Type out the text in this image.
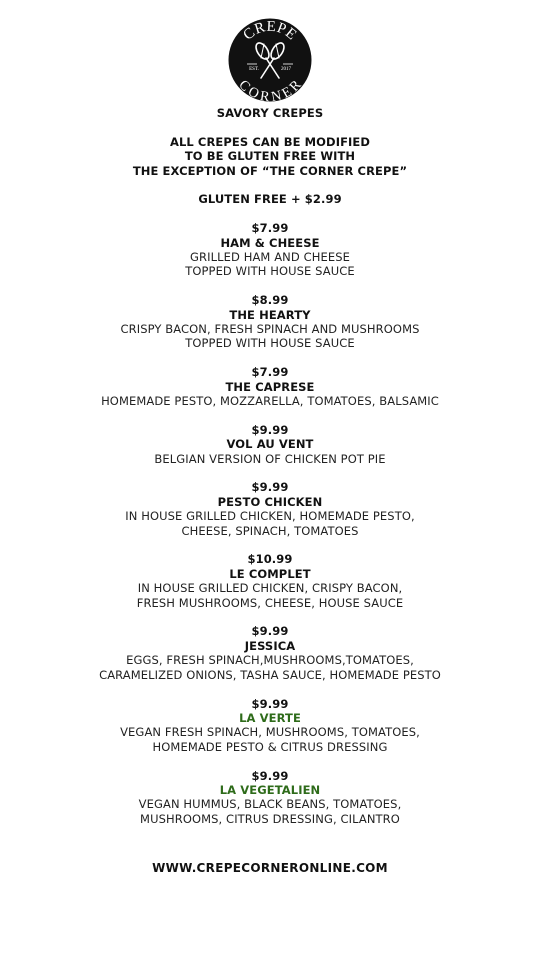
CREPE
CORNER
EST.	2017
SAVORY CREPES
ALL CREPES CAN BE MODIFIED
TO BE GLUTEN FREE WITH
THE EXCEPTION OF “THE CORNER CREPE”
GLUTEN FREE + $2.99
$7.99
HAM & CHEESE
GRILLED HAM AND CHEESE
TOPPED WITH HOUSE SAUCE
$8.99
THE HEARTY
CRISPY BACON, FRESH SPINACH AND MUSHROOMS
TOPPED WITH HOUSE SAUCE
$7.99
THE CAPRESE
HOMEMADE PESTO, MOZZARELLA, TOMATOES, BALSAMIC
$9.99
VOL AU VENT
BELGIAN VERSION OF CHICKEN POT PIE
$9.99
PESTO CHICKEN
IN HOUSE GRILLED CHICKEN, HOMEMADE PESTO,
CHEESE, SPINACH, TOMATOES
$10.99
LE COMPLET
IN HOUSE GRILLED CHICKEN, CRISPY BACON,
FRESH MUSHROOMS, CHEESE, HOUSE SAUCE
$9.99
JESSICA
EGGS, FRESH SPINACH,MUSHROOMS,TOMATOES,
CARAMELIZED ONIONS, TASHA SAUCE, HOMEMADE PESTO
$9.99
LA VERTE
VEGAN FRESH SPINACH, MUSHROOMS, TOMATOES,
HOMEMADE PESTO & CITRUS DRESSING
$9.99
LA VEGETALIEN
VEGAN HUMMUS, BLACK BEANS, TOMATOES,
MUSHROOMS, CITRUS DRESSING, CILANTRO
WWW.CREPECORNERONLINE.COM
